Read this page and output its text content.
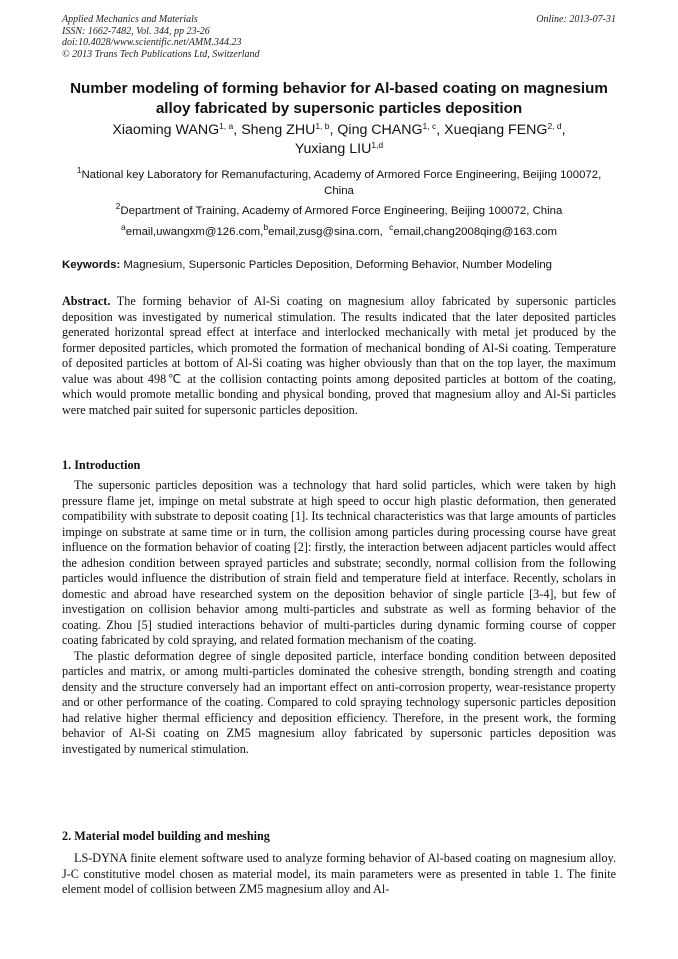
Applied Mechanics and Materials
ISSN: 1662-7482, Vol. 344, pp 23-26
doi:10.4028/www.scientific.net/AMM.344.23
© 2013 Trans Tech Publications Ltd, Switzerland
Online: 2013-07-31
Number modeling of forming behavior for Al-based coating on magnesium alloy fabricated by supersonic particles deposition
Xiaoming WANG$^{1, a}$, Sheng ZHU$^{1, b}$, Qing CHANG$^{1, c}$, Xueqiang FENG$^{2, d}$,
Yuxiang LIU$^{1,d}$
$^1$National key Laboratory for Remanufacturing, Academy of Armored Force Engineering, Beijing 100072, China
$^2$Department of Training, Academy of Armored Force Engineering, Beijing 100072, China
$^a$email,uwangxm@126.com,$^b$email,zusg@sina.com,  $^c$email,chang2008qing@163.com
Keywords: Magnesium, Supersonic Particles Deposition, Deforming Behavior, Number Modeling
Abstract. The forming behavior of Al-Si coating on magnesium alloy fabricated by supersonic particles deposition was investigated by numerical stimulation. The results indicated that the later deposited particles generated horizontal spread effect at interface and interlocked mechanically with metal jet produced by the former deposited particles, which promoted the formation of mechanical bonding of Al-Si coating. Temperature of deposited particles at bottom of Al-Si coating was higher obviously than that on the top layer, the maximum value was about 498℃ at the collision contacting points among deposited particles at bottom of the coating, which would promote metallic bonding and physical bonding, proved that magnesium alloy and Al-Si particles were matched pair suited for supersonic particles deposition.
1. Introduction

The supersonic particles deposition was a technology that hard solid particles, which were taken by high pressure flame jet, impinge on metal substrate at high speed to occur high plastic deformation, then generated compatibility with substrate to deposit coating [1]. Its technical characteristics was that large amounts of particles impinge on substrate at same time or in turn, the collision among particles during processing course have great influence on the formation behavior of coating [2]: firstly, the interaction between adjacent particles would affect the adhesion condition between sprayed particles and substrate; secondly, normal collision from the following particles would influence the distribution of strain field and temperature field at interface. Recently, scholars in domestic and abroad have researched system on the deposition behavior of single particle [3-4], but few of investigation on collision behavior among multi-particles and substrate as well as forming behavior of the coating. Zhou [5] studied interactions behavior of multi-particles during dynamic forming course of copper coating fabricated by cold spraying, and related formation mechanism of the coating.

The plastic deformation degree of single deposited particle, interface bonding condition between deposited particles and matrix, or among multi-particles dominated the cohesive strength, bonding strength and coating density and the structure conversely had an important effect on anti-corrosion property, wear-resistance property and or other performance of the coating. Compared to cold spraying technology supersonic particles deposition had relative higher thermal efficiency and deposition efficiency. Therefore, in the present work, the forming behavior of Al-Si coating on ZM5 magnesium alloy fabricated by supersonic particles deposition was investigated by numerical stimulation.

2. Material model building and meshing

LS-DYNA finite element software used to analyze forming behavior of Al-based coating on magnesium alloy. J-C constitutive model chosen as material model, its main parameters were as presented in table 1. The finite element model of collision between ZM5 magnesium alloy and Al-
